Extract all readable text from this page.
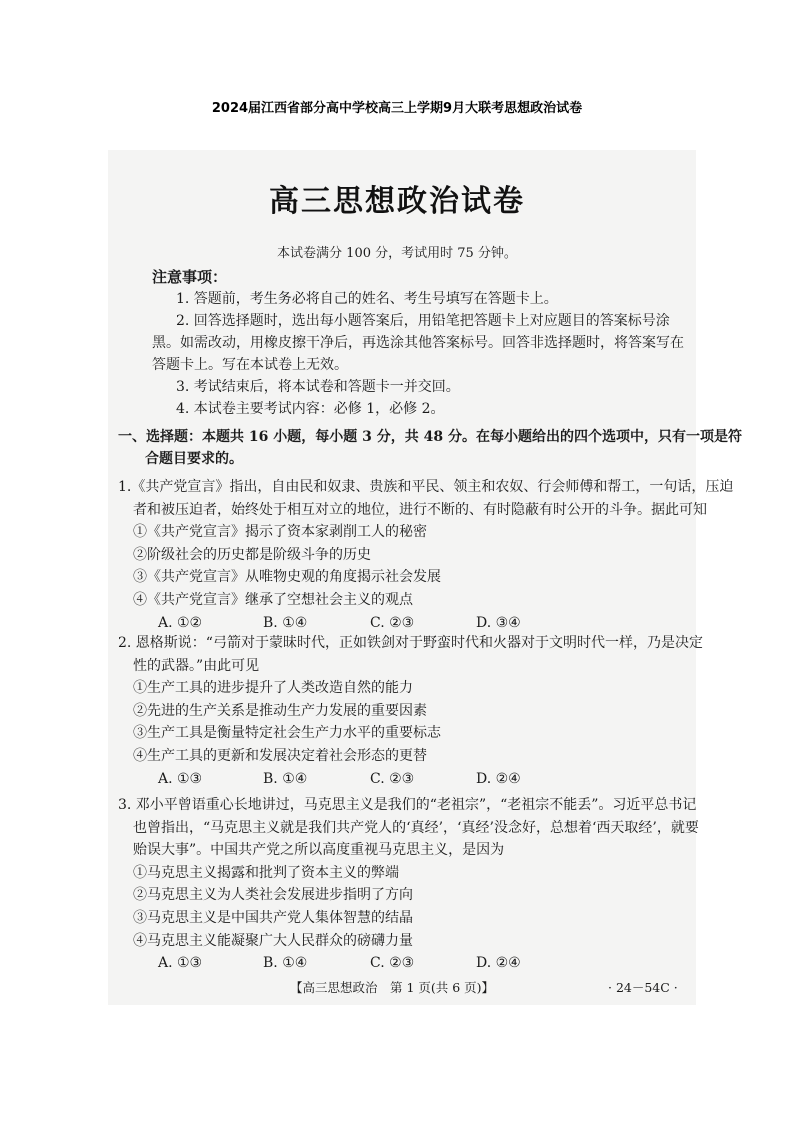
2024届江西省部分高中学校高三上学期9月大联考思想政治试卷
高三思想政治试卷
本试卷满分 100 分，考试用时 75 分钟。
注意事项：
1. 答题前，考生务必将自己的姓名、考生号填写在答题卡上。
2. 回答选择题时，选出每小题答案后，用铅笔把答题卡上对应题目的答案标号涂
黑。如需改动，用橡皮擦干净后，再选涂其他答案标号。回答非选择题时，将答案写在
答题卡上。写在本试卷上无效。
3. 考试结束后，将本试卷和答题卡一并交回。
4. 本试卷主要考试内容：必修 1，必修 2。
一、选择题：本题共 16 小题，每小题 3 分，共 48 分。在每小题给出的四个选项中，只有一项是符
合题目要求的。
1.《共产党宣言》指出，自由民和奴隶、贵族和平民、领主和农奴、行会师傅和帮工，一句话，压迫
者和被压迫者，始终处于相互对立的地位，进行不断的、有时隐蔽有时公开的斗争。据此可知
①《共产党宣言》揭示了资本家剥削工人的秘密
②阶级社会的历史都是阶级斗争的历史
③《共产党宣言》从唯物史观的角度揭示社会发展
④《共产党宣言》继承了空想社会主义的观点
A. ①②	B. ①④	C. ②③	D. ③④
2. 恩格斯说：“弓箭对于蒙昧时代，正如铁剑对于野蛮时代和火器对于文明时代一样，乃是决定
性的武器。”由此可见
①生产工具的进步提升了人类改造自然的能力
②先进的生产关系是推动生产力发展的重要因素
③生产工具是衡量特定社会生产力水平的重要标志
④生产工具的更新和发展决定着社会形态的更替
A. ①③	B. ①④	C. ②③	D. ②④
3. 邓小平曾语重心长地讲过，马克思主义是我们的“老祖宗”，“老祖宗不能丢”。习近平总书记
也曾指出，“马克思主义就是我们共产党人的‘真经’，‘真经’没念好，总想着‘西天取经’，就要
贻误大事”。中国共产党之所以高度重视马克思主义，是因为
①马克思主义揭露和批判了资本主义的弊端
②马克思主义为人类社会发展进步指明了方向
③马克思主义是中国共产党人集体智慧的结晶
④马克思主义能凝聚广大人民群众的磅礴力量
A. ①③	B. ①④	C. ②③	D. ②④
【高三思想政治　第 1 页(共 6 页)】	· 24－54C ·
